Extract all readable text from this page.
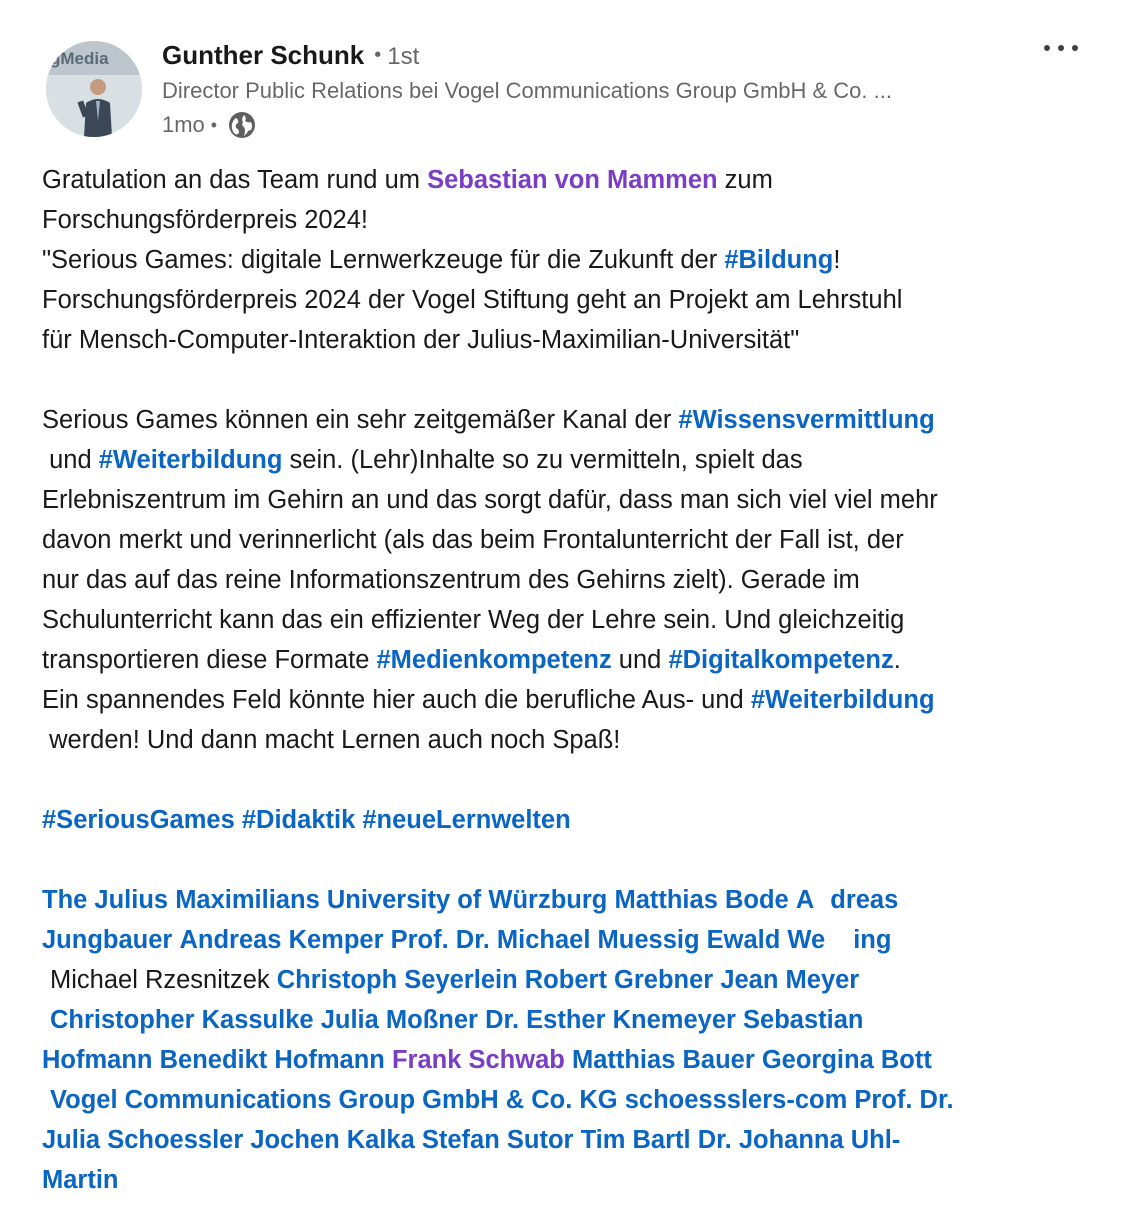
gMedia Gunther Schunk • 1st
Director Public Relations bei Vogel Communications Group GmbH & Co. ...
1mo •
Gratulation an das Team rund um Sebastian von Mammen zum
Forschungsförderpreis 2024!
"Serious Games: digitale Lernwerkzeuge für die Zukunft der #Bildung!
Forschungsförderpreis 2024 der Vogel Stiftung geht an Projekt am Lehrstuhl
für Mensch-Computer-Interaktion der Julius-Maximilian-Universität"
Serious Games können ein sehr zeitgemäßer Kanal der #Wissensvermittlung
und #Weiterbildung sein. (Lehr)Inhalte so zu vermitteln, spielt das
Erlebniszentrum im Gehirn an und das sorgt dafür, dass man sich viel viel mehr
davon merkt und verinnerlicht (als das beim Frontalunterricht der Fall ist, der
nur das auf das reine Informationszentrum des Gehirns zielt). Gerade im
Schulunterricht kann das ein effizienter Weg der Lehre sein. Und gleichzeitig
transportieren diese Formate #Medienkompetenz und #Digitalkompetenz.
Ein spannendes Feld könnte hier auch die berufliche Aus- und #Weiterbildung
werden! Und dann macht Lernen auch noch Spaß!
#SeriousGames #Didaktik #neueLernwelten
The Julius Maximilians University of Würzburg Matthias Bode A dreas
Jungbauer Andreas Kemper Prof. Dr. Michael Muessig Ewald We ing
Michael Rzesnitzek Christoph Seyerlein Robert Grebner Jean Meyer
Christopher Kassulke Julia Moßner Dr. Esther Knemeyer Sebastian
Hofmann Benedikt Hofmann Frank Schwab Matthias Bauer Georgina Bott
Vogel Communications Group GmbH & Co. KG schoessslers-com Prof. Dr.
Julia Schoessler Jochen Kalka Stefan Sutor Tim Bartl Dr. Johanna Uhl-
Martin
